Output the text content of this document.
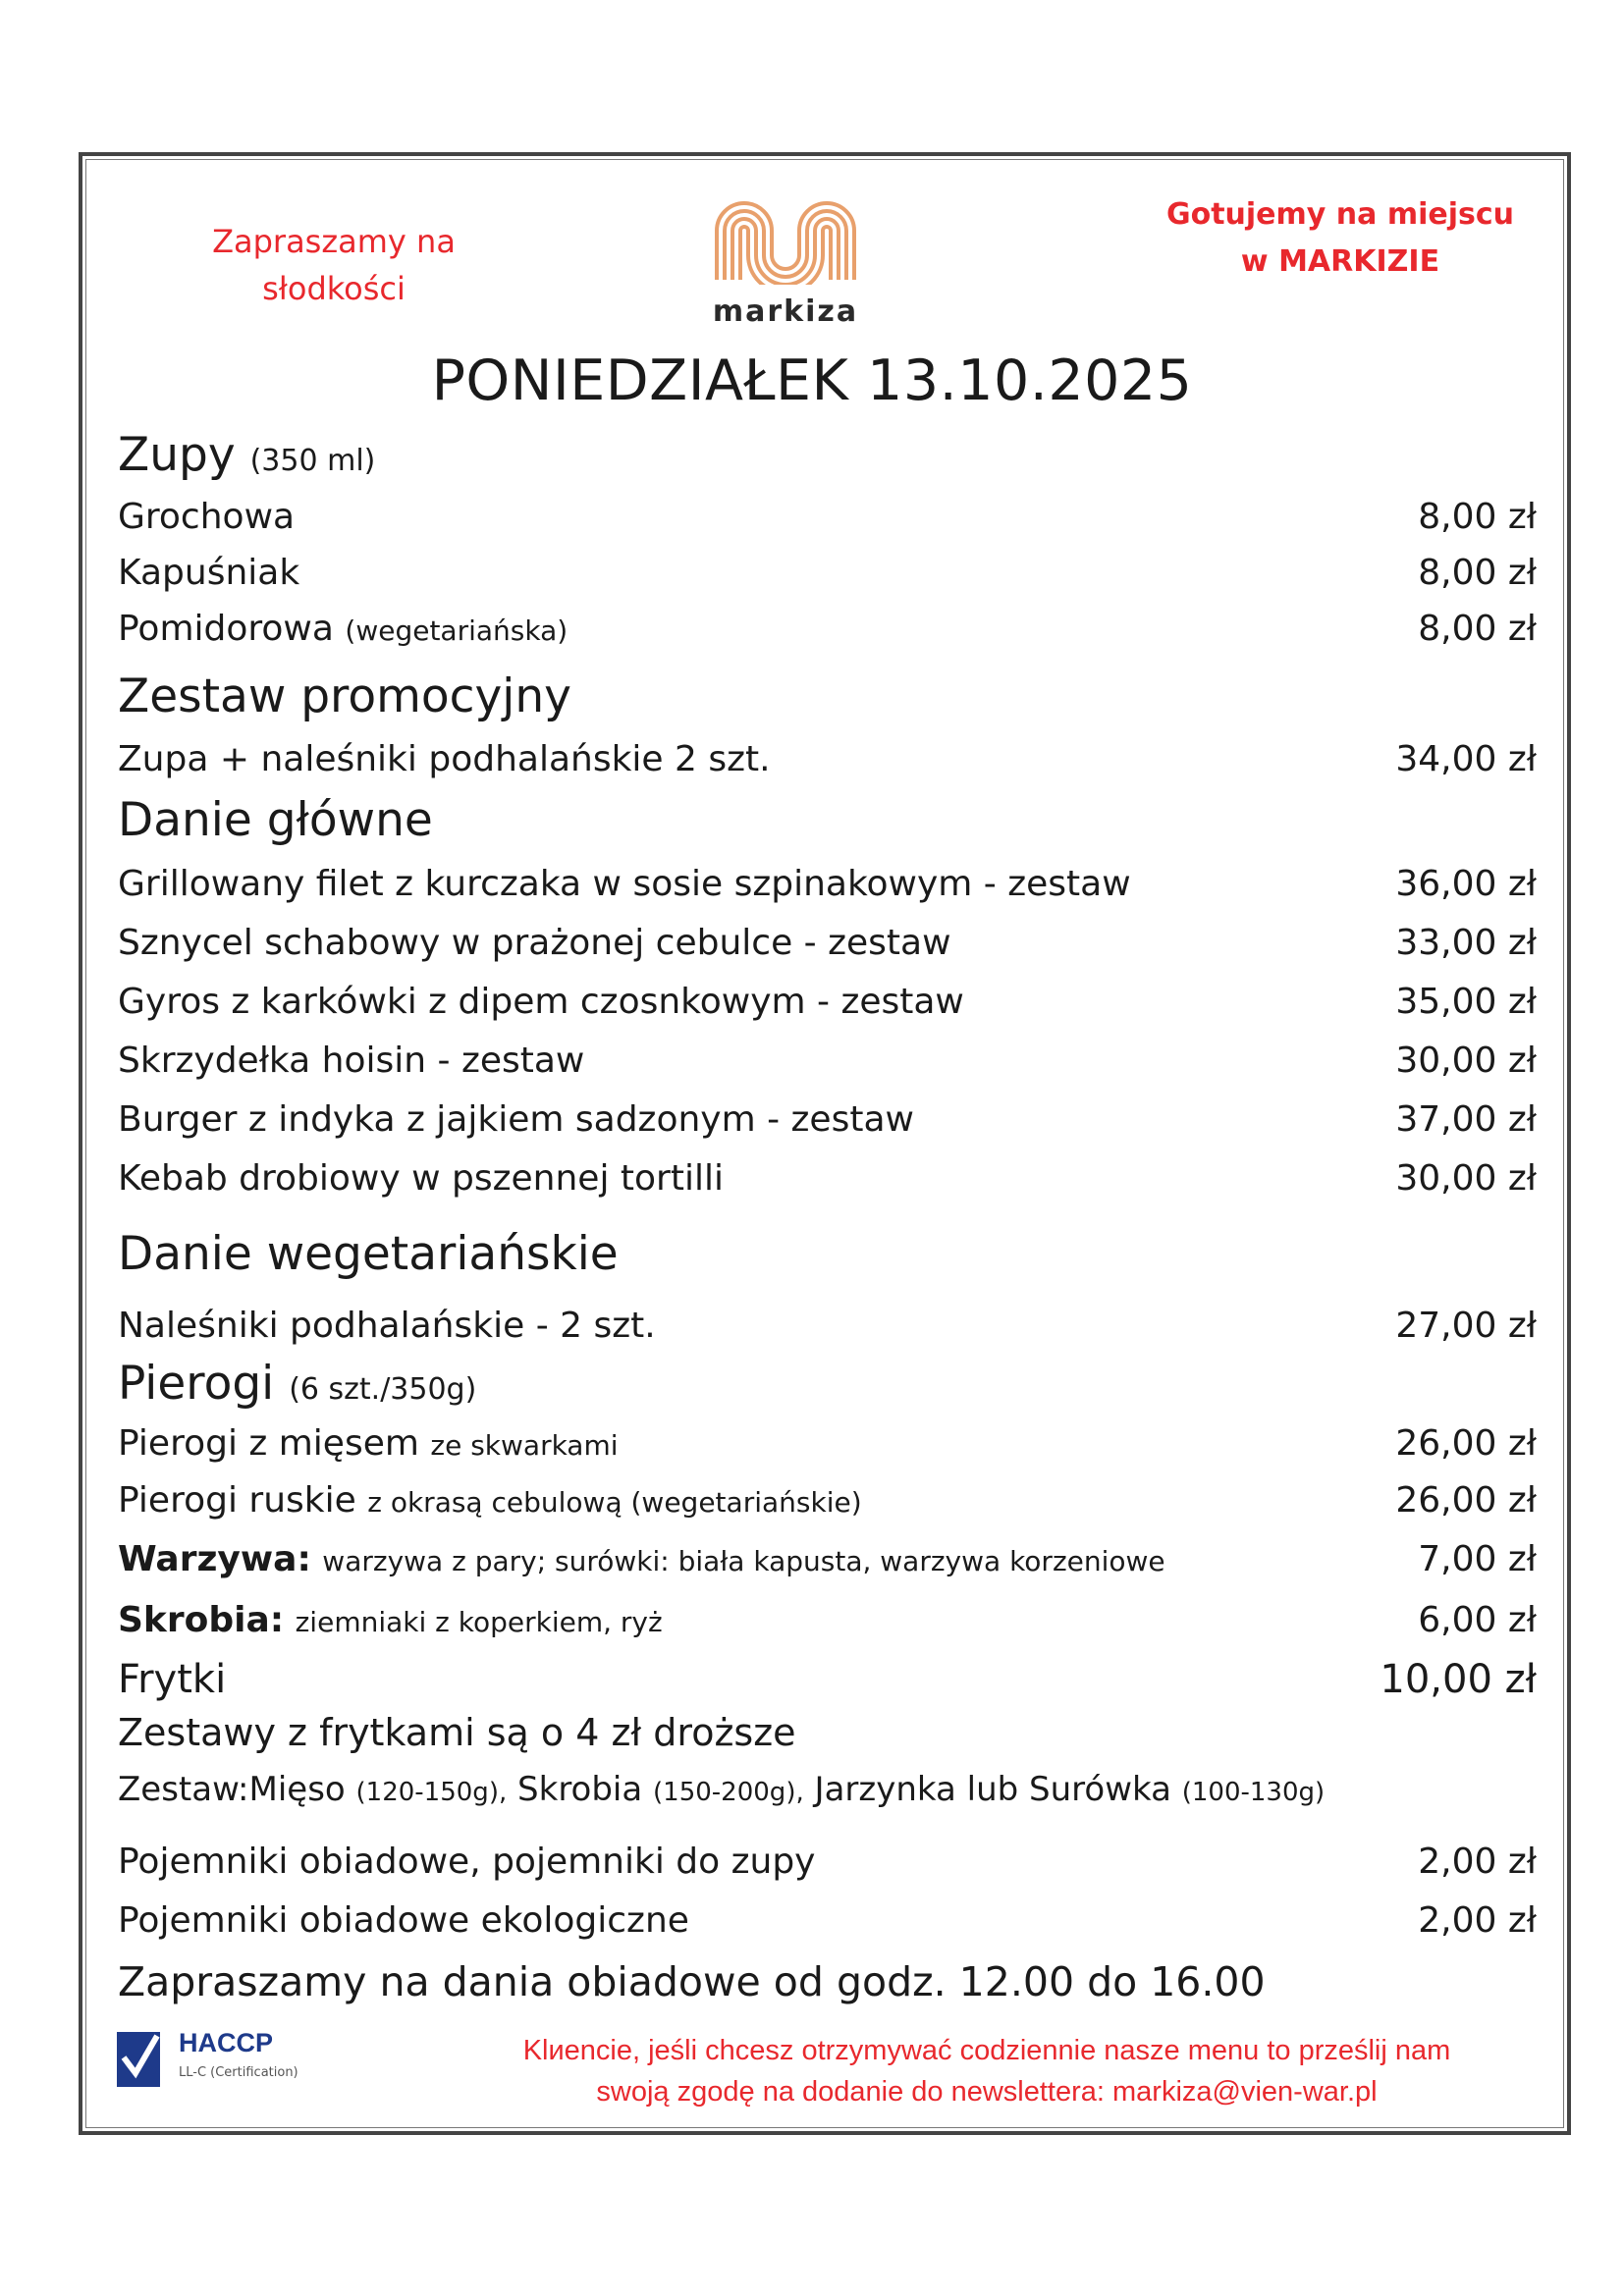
Zapraszamy na
słodkości
markiza
Gotujemy na miejscu
w MARKIZIE
PONIEDZIAŁEK 13.10.2025
Zupy (350 ml)
Grochowa	8,00 zł
Kapuśniak	8,00 zł
Pomidorowa (wegetariańska)	8,00 zł
Zestaw promocyjny
Zupa + naleśniki podhalańskie 2 szt.	34,00 zł
Danie główne
Grillowany filet z kurczaka w sosie szpinakowym - zestaw	36,00 zł
Sznycel schabowy w prażonej cebulce - zestaw	33,00 zł
Gyros z karkówki z dipem czosnkowym - zestaw	35,00 zł
Skrzydełka hoisin - zestaw	30,00 zł
Burger z indyka z jajkiem sadzonym - zestaw	37,00 zł
Kebab drobiowy w pszennej tortilli	30,00 zł
Danie wegetariańskie
Naleśniki podhalańskie - 2 szt.	27,00 zł
Pierogi (6 szt./350g)
Pierogi z mięsem ze skwarkami	26,00 zł
Pierogi ruskie z okrasą cebulową (wegetariańskie)	26,00 zł
Warzywa: warzywa z pary; surówki: biała kapusta, warzywa korzeniowe	7,00 zł
Skrobia: ziemniaki z koperkiem, ryż	6,00 zł
Frytki	10,00 zł
Zestawy z frytkami są o 4 zł droższe
Zestaw:Mięso (120-150g), Skrobia (150-200g), Jarzynka lub Surówka (100-130g)
Pojemniki obiadowe, pojemniki do zupy	2,00 zł
Pojemniki obiadowe ekologiczne	2,00 zł
Zapraszamy na dania obiadowe od godz. 12.00 do 16.00
HACCP
LL-C (Certification)
Klиencie, jeśli chcesz otrzymywać codziennie nasze menu to prześlij nam
swoją zgodę na dodanie do newslettera: markiza@vien-war.pl
